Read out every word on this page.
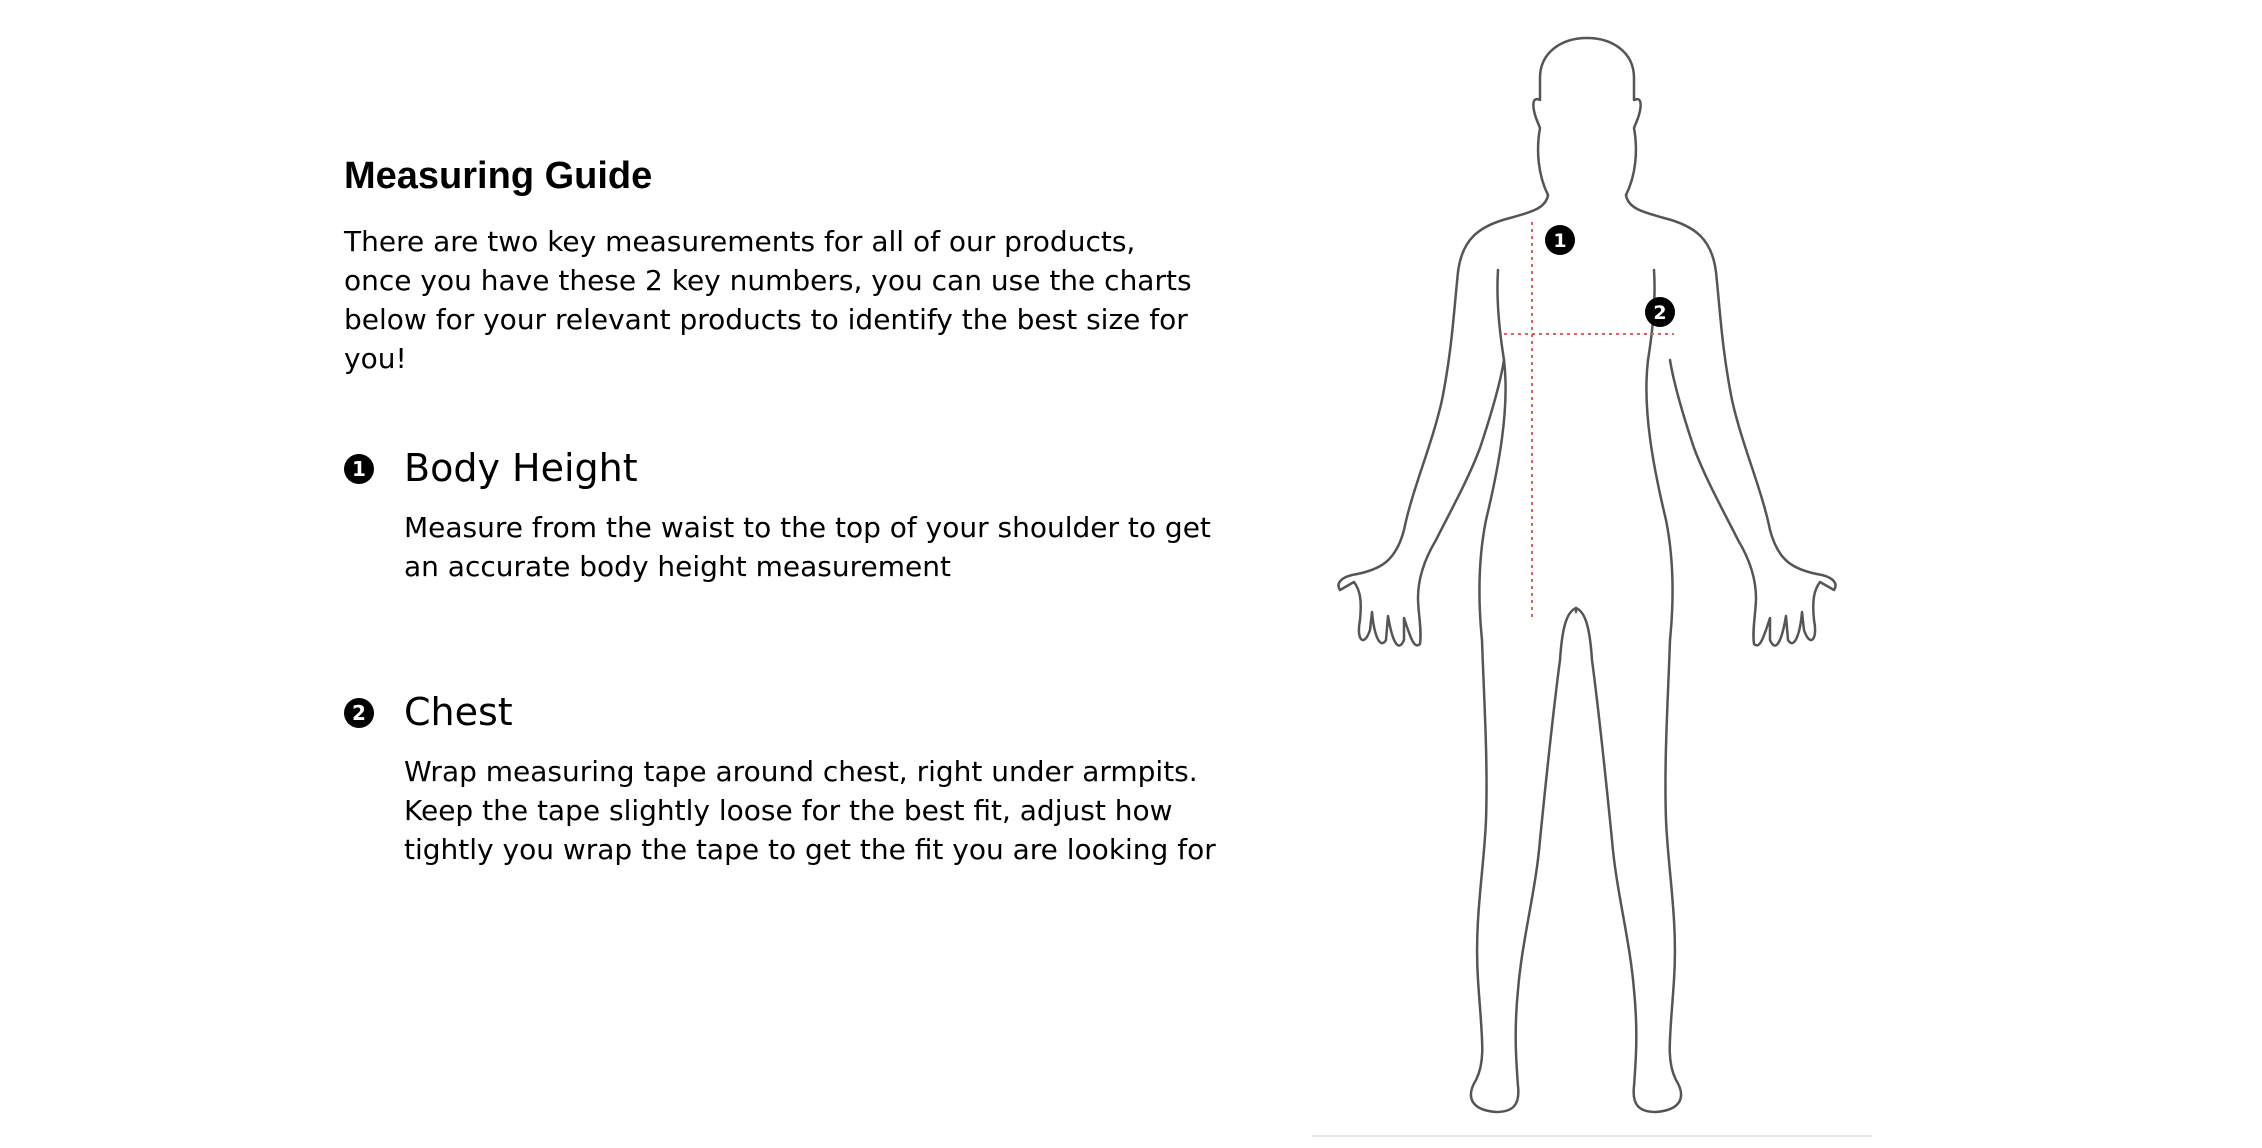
Measuring Guide
There are two key measurements for all of our products,
once you have these 2 key numbers, you can use the charts
below for your relevant products to identify the best size for
you!
1 Body Height
Measure from the waist to the top of your shoulder to get
an accurate body height measurement
2 Chest
Wrap measuring tape around chest, right under armpits.
Keep the tape slightly loose for the best fit, adjust how
tightly you wrap the tape to get the fit you are looking for
1
2
